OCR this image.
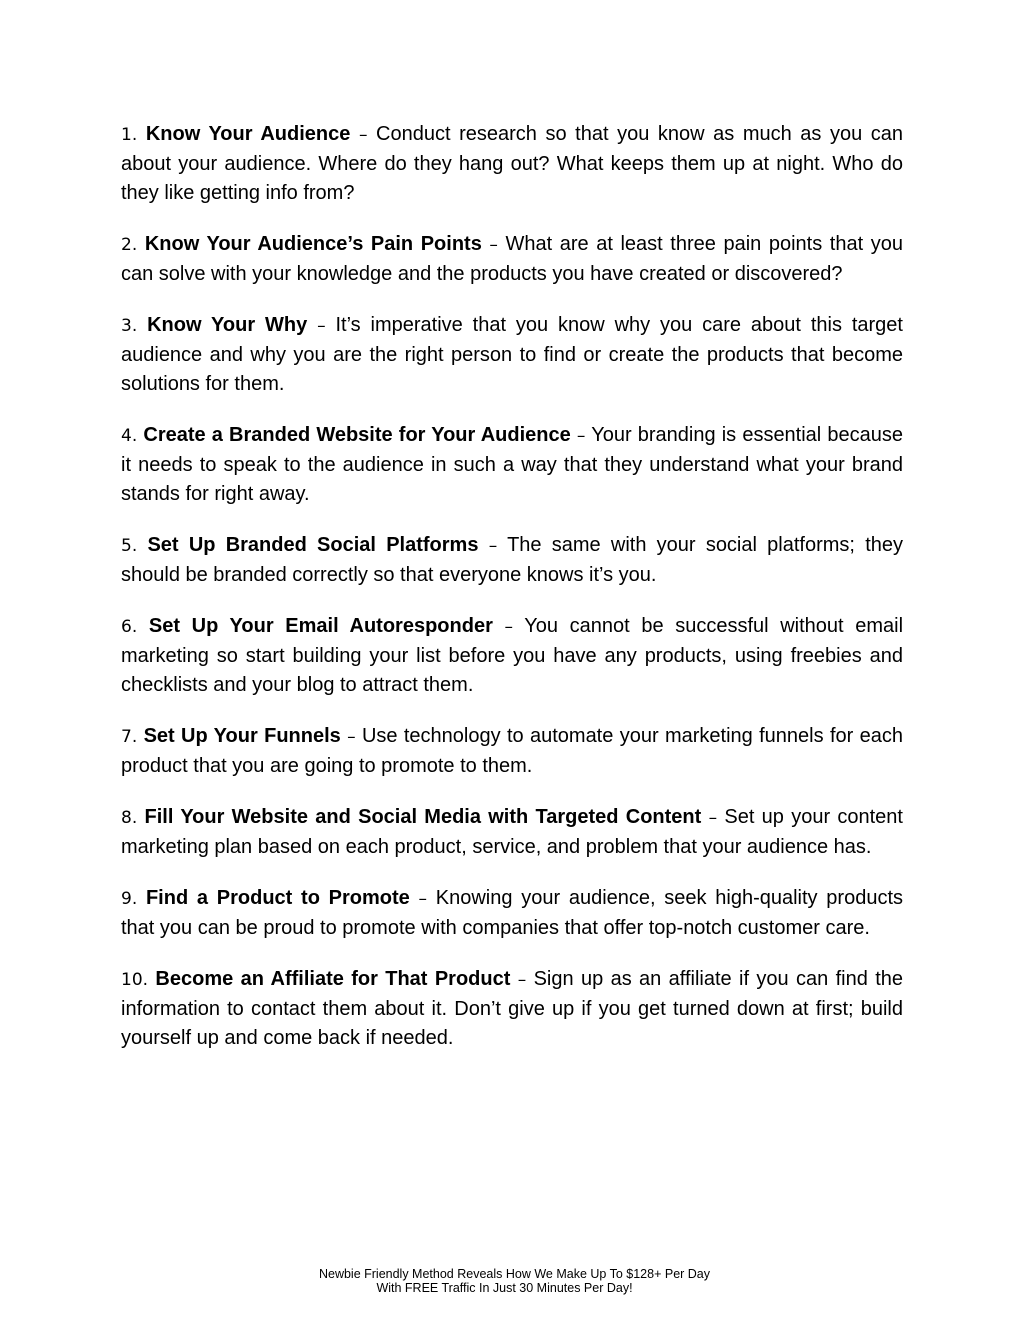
1. Know Your Audience – Conduct research so that you know as much as you can about your audience. Where do they hang out? What keeps them up at night. Who do they like getting info from?

2. Know Your Audience’s Pain Points – What are at least three pain points that you can solve with your knowledge and the products you have created or discovered?

3. Know Your Why – It’s imperative that you know why you care about this target audience and why you are the right person to find or create the products that become solutions for them.

4. Create a Branded Website for Your Audience – Your branding is essential because it needs to speak to the audience in such a way that they understand what your brand stands for right away.

5. Set Up Branded Social Platforms – The same with your social platforms; they should be branded correctly so that everyone knows it’s you.

6. Set Up Your Email Autoresponder – You cannot be successful without email marketing so start building your list before you have any products, using freebies and checklists and your blog to attract them.

7. Set Up Your Funnels – Use technology to automate your marketing funnels for each product that you are going to promote to them.

8. Fill Your Website and Social Media with Targeted Content – Set up your content marketing plan based on each product, service, and problem that your audience has.

9. Find a Product to Promote – Knowing your audience, seek high-quality products that you can be proud to promote with companies that offer top-notch customer care.

10. Become an Affiliate for That Product – Sign up as an affiliate if you can find the information to contact them about it. Don’t give up if you get turned down at first; build yourself up and come back if needed.

Newbie Friendly Method Reveals How We Make Up To $128+ Per Day
With FREE Traffic In Just 30 Minutes Per Day!
